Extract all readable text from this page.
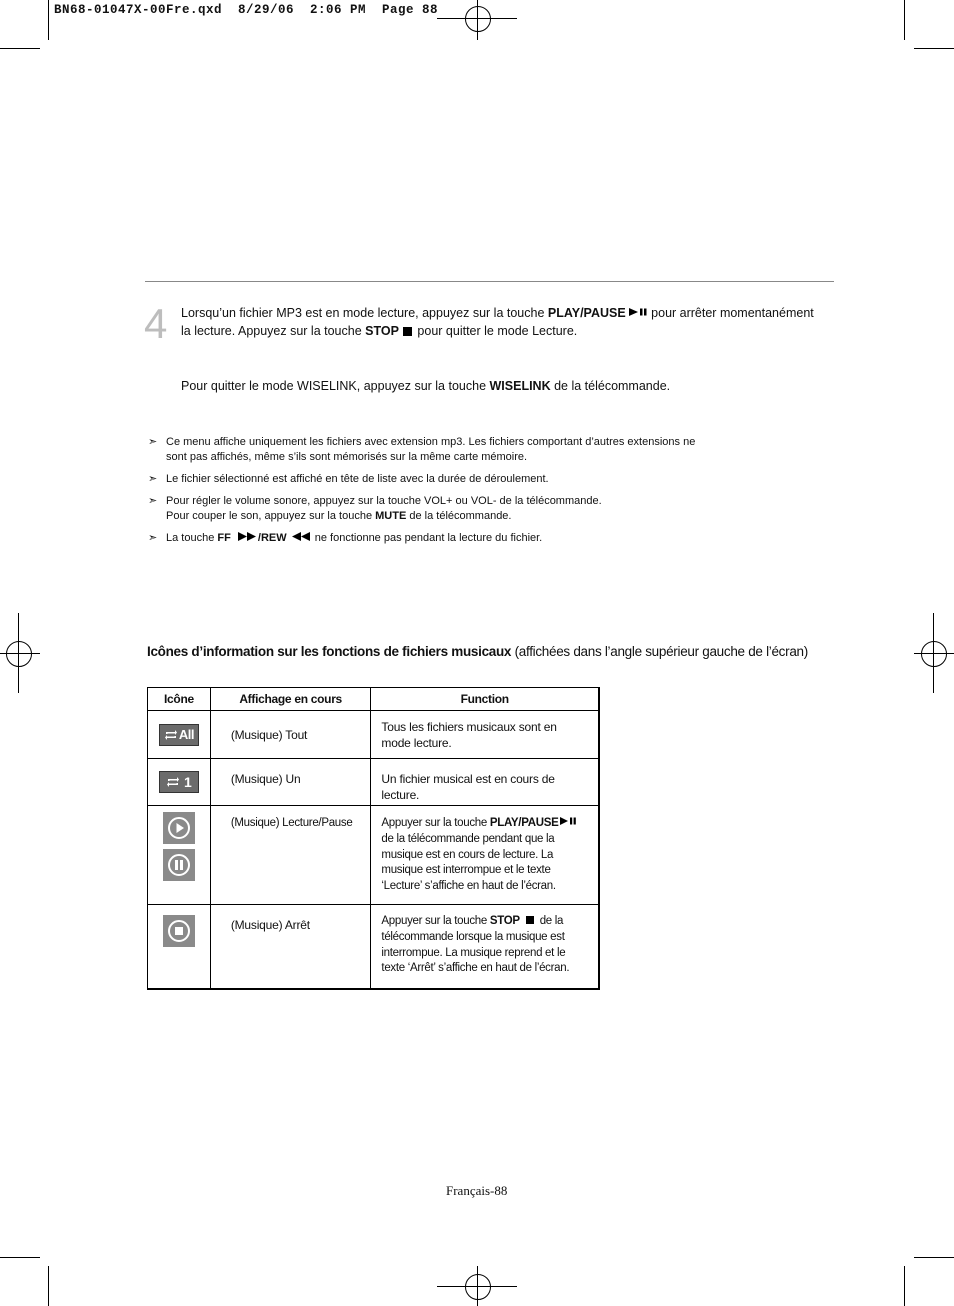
BN68-01047X-00Fre.qxd  8/29/06  2:06 PM  Page 88
4 Lorsqu’un fichier MP3 est en mode lecture, appuyez sur la touche PLAY/PAUSE pour arrêter momentanément
la lecture. Appuyez sur la touche STOP pour quitter le mode Lecture.
Pour quitter le mode WISELINK, appuyez sur la touche WISELINK de la télécommande.
➣ Ce menu affiche uniquement les fichiers avec extension mp3. Les fichiers comportant d’autres extensions ne
sont pas affichés, même s’ils sont mémorisés sur la même carte mémoire.
➣ Le fichier sélectionné est affiché en tête de liste avec la durée de déroulement.
➣ Pour régler le volume sonore, appuyez sur la touche VOL+ ou VOL- de la télécommande.
Pour couper le son, appuyez sur la touche MUTE de la télécommande.
➣ La touche FF /REW	ne fonctionne pas pendant la lecture du fichier.
Icônes d’information sur les fonctions de fichiers musicaux (affichées dans l’angle supérieur gauche de l’écran)
Icône	Affichage en cours	Function

All	(Musique) Tout	Tous les fichiers musicaux sont en
mode lecture.

1	(Musique) Un	Un fichier musical est en cours de
lecture.

(Musique) Lecture/Pause	Appuyer sur la touche PLAY/PAUSE
de la télécommande pendant que la
musique est en cours de lecture. La
musique est interrompue et le texte
‘Lecture’ s’affiche en haut de l’écran.

(Musique) Arrêt	Appuyer sur la touche STOP de la
télécommande lorsque la musique est
interrompue. La musique reprend et le
texte ‘Arrêt’ s’affiche en haut de l’écran.
Français-88
